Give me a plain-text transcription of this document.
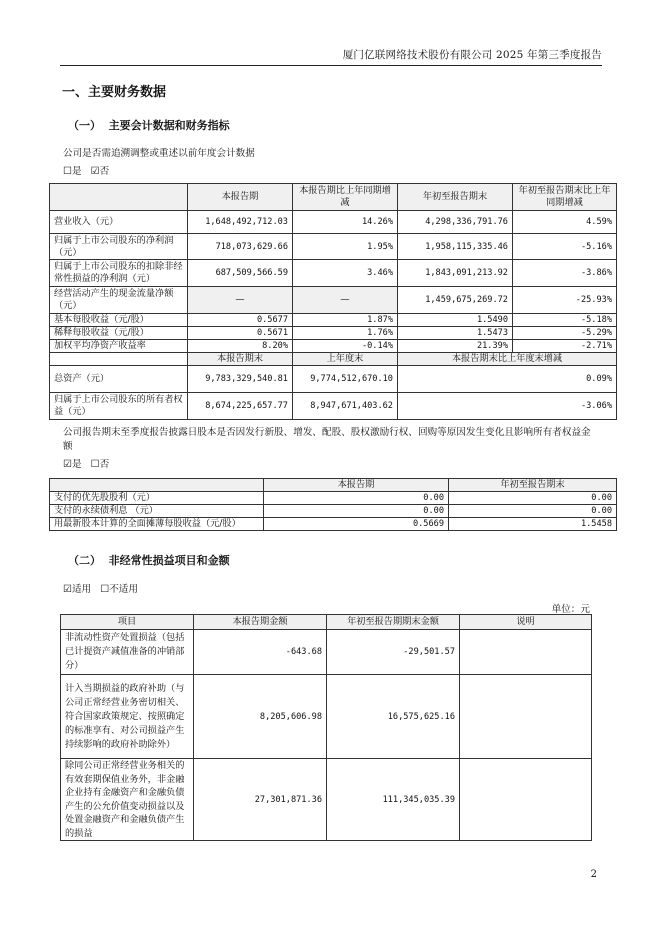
厦门亿联网络技术股份有限公司 2025 年第三季度报告
一、主要财务数据
（一） 主要会计数据和财务指标
公司是否需追溯调整或重述以前年度会计数据
☐是 ☑否
	本报告期	本报告期比上年同期增减	年初至报告期末	年初至报告期末比上年同期增减
营业收入（元）	1,648,492,712.03	14.26%	4,298,336,791.76	4.59%
归属于上市公司股东的净利润（元）	718,073,629.66	1.95%	1,958,115,335.46	-5.16%
归属于上市公司股东的扣除非经常性损益的净利润（元）	687,509,566.59	3.46%	1,843,091,213.92	-3.86%
经营活动产生的现金流量净额（元）	—	—	1,459,675,269.72	-25.93%
基本每股收益（元/股）	0.5677	1.87%	1.5490	-5.18%
稀释每股收益（元/股）	0.5671	1.76%	1.5473	-5.29%
加权平均净资产收益率	8.20%	-0.14%	21.39%	-2.71%
	本报告期末	上年度末	本报告期末比上年度末增减	
总资产（元）	9,783,329,540.81	9,774,512,670.10	0.09%	
归属于上市公司股东的所有者权益（元）	8,674,225,657.77	8,947,671,403.62	-3.06%	
公司报告期末至季度报告披露日股本是否因发行新股、增发、配股、股权激励行权、回购等原因发生变化且影响所有者权益金额
☑是 ☐否
	本报告期	年初至报告期末
支付的优先股股利（元）	0.00	0.00
支付的永续债利息 （元）	0.00	0.00
用最新股本计算的全面摊薄每股收益（元/股）	0.5669	1.5458
（二） 非经常性损益项目和金额
☑适用 ☐不适用
单位：元
项目	本报告期金额	年初至报告期期末金额	说明
非流动性资产处置损益（包括已计提资产减值准备的冲销部分）	-643.68	-29,501.57	
计入当期损益的政府补助（与公司正常经营业务密切相关、符合国家政策规定、按照确定的标准享有、对公司损益产生持续影响的政府补助除外）	8,205,606.98	16,575,625.16	
除同公司正常经营业务相关的有效套期保值业务外，非金融企业持有金融资产和金融负债产生的公允价值变动损益以及处置金融资产和金融负债产生的损益	27,301,871.36	111,345,035.39	
2
